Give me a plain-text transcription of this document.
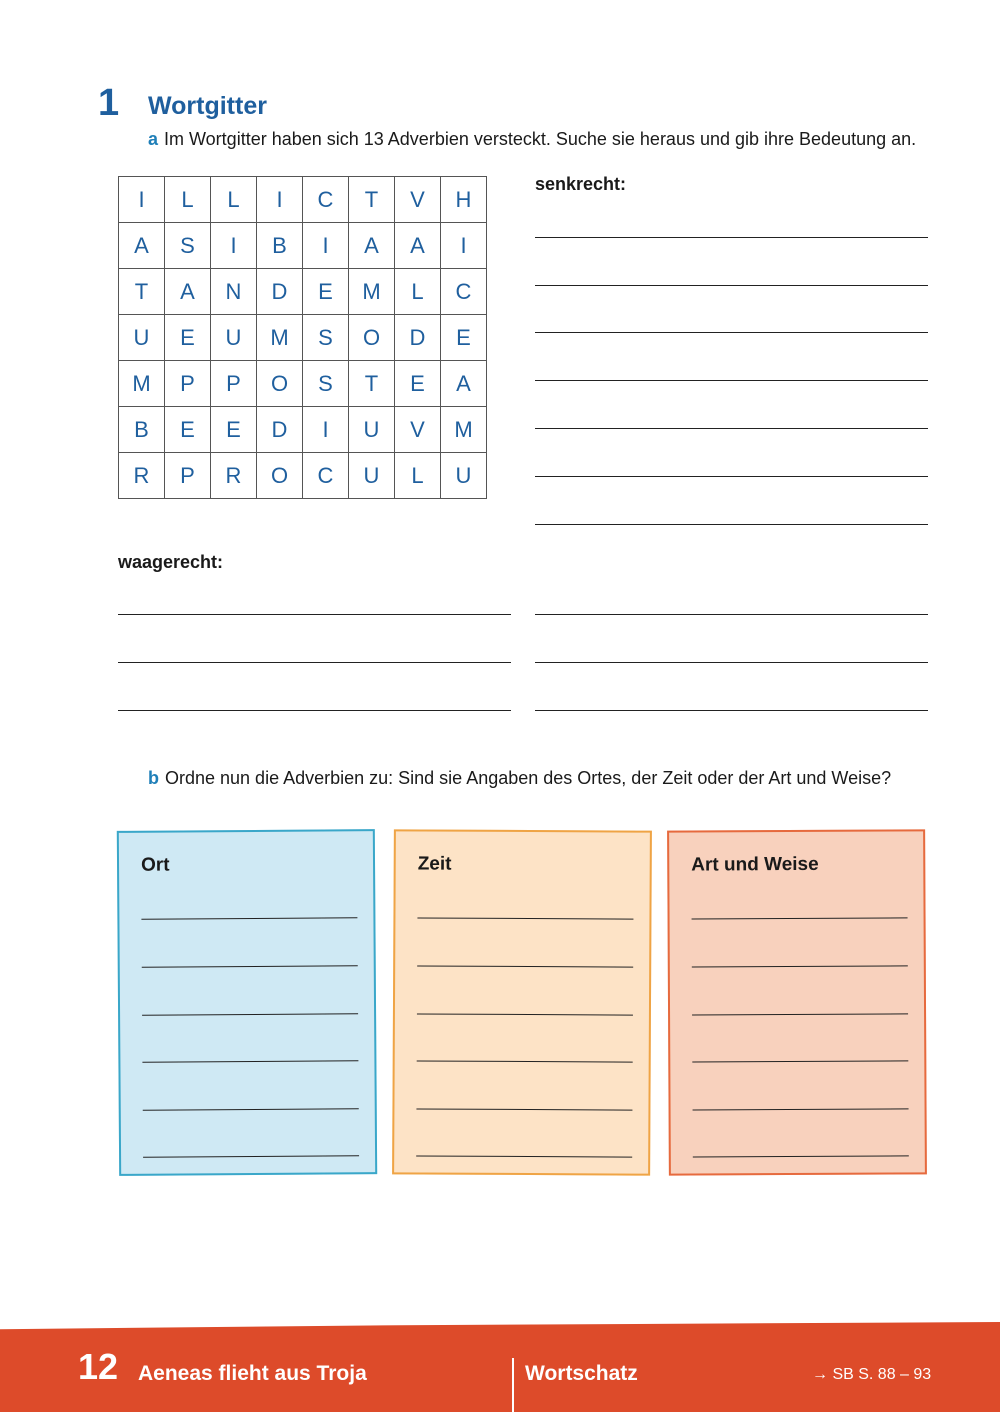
1 Wortgitter
a Im Wortgitter haben sich 13 Adverbien versteckt. Suche sie heraus und gib ihre Bedeutung an.
I	L	L	I	C	T	V	H
A	S	I	B	I	A	A	I
T	A	N	D	E	M	L	C
U	E	U	M	S	O	D	E
M	P	P	O	S	T	E	A
B	E	E	D	I	U	V	M
R	P	R	O	C	U	L	U
senkrecht:
waagerecht:
b Ordne nun die Adverbien zu: Sind sie Angaben des Ortes, der Zeit oder der Art und Weise?
Ort	Zeit	Art und Weise
12 Aeneas flieht aus Troja	Wortschatz	→ SB S. 88 – 93
